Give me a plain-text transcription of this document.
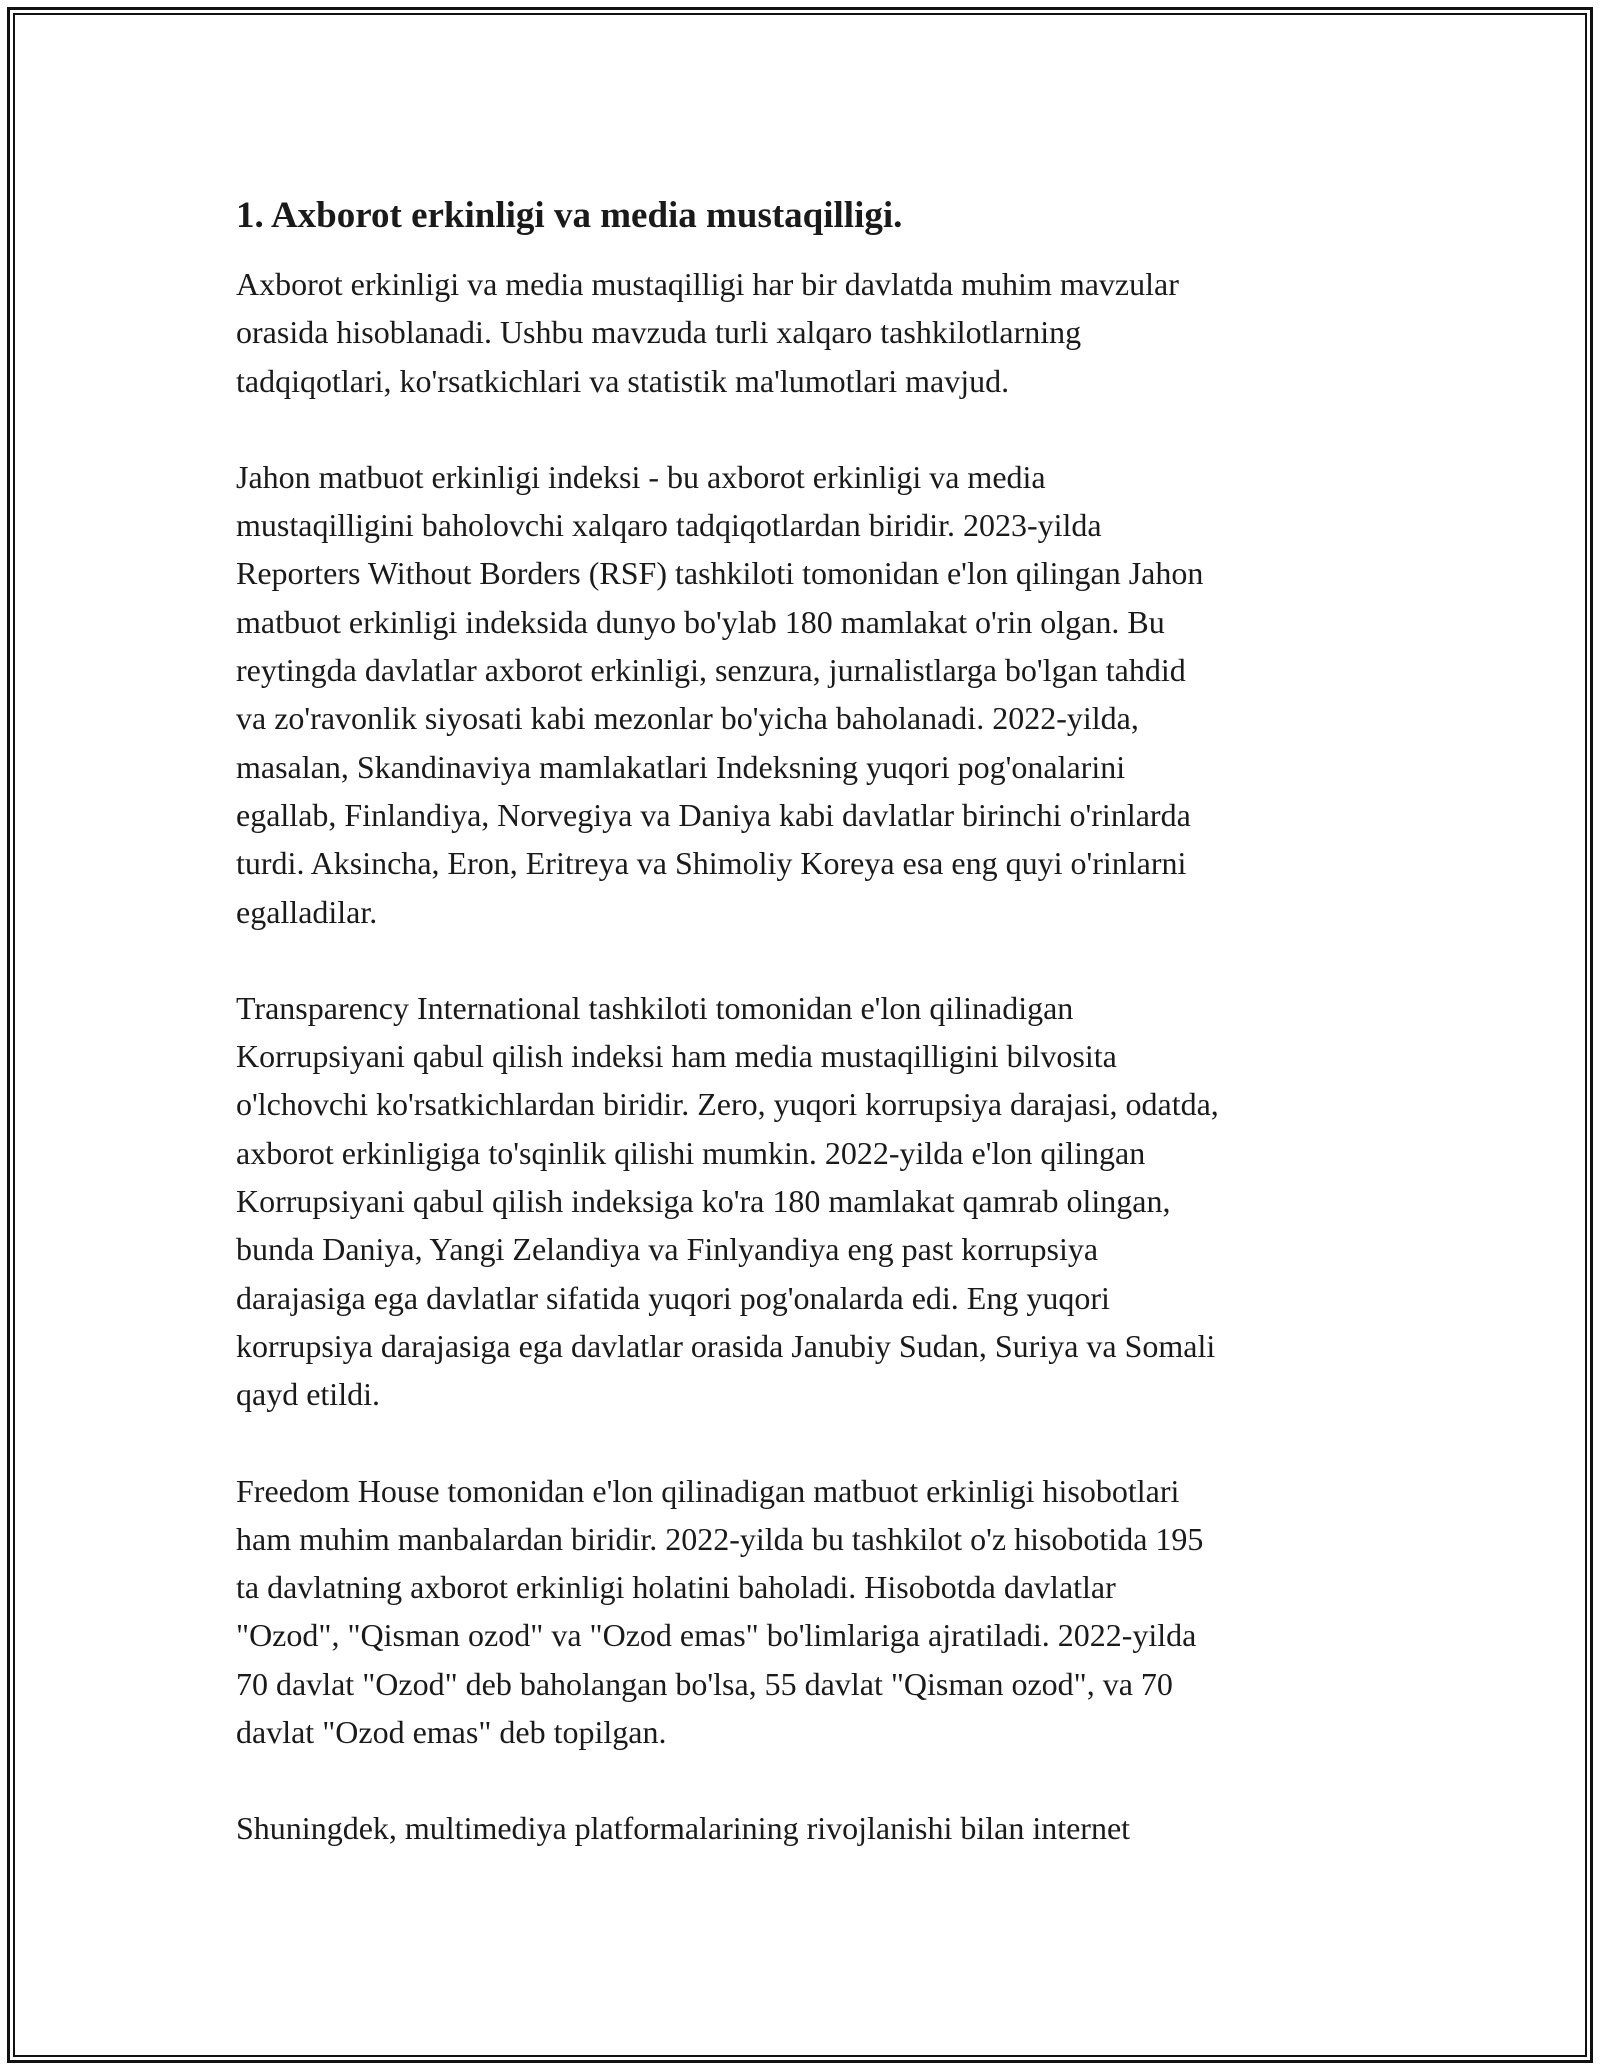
1. Axborot erkinligi va media mustaqilligi.

Axborot erkinligi va media mustaqilligi har bir davlatda muhim mavzular
orasida hisoblanadi. Ushbu mavzuda turli xalqaro tashkilotlarning
tadqiqotlari, ko'rsatkichlari va statistik ma'lumotlari mavjud.

Jahon matbuot erkinligi indeksi - bu axborot erkinligi va media
mustaqilligini baholovchi xalqaro tadqiqotlardan biridir. 2023-yilda
Reporters Without Borders (RSF) tashkiloti tomonidan e'lon qilingan Jahon
matbuot erkinligi indeksida dunyo bo'ylab 180 mamlakat o'rin olgan. Bu
reytingda davlatlar axborot erkinligi, senzura, jurnalistlarga bo'lgan tahdid
va zo'ravonlik siyosati kabi mezonlar bo'yicha baholanadi. 2022-yilda,
masalan, Skandinaviya mamlakatlari Indeksning yuqori pog'onalarini
egallab, Finlandiya, Norvegiya va Daniya kabi davlatlar birinchi o'rinlarda
turdi. Aksincha, Eron, Eritreya va Shimoliy Koreya esa eng quyi o'rinlarni
egalladilar.

Transparency International tashkiloti tomonidan e'lon qilinadigan
Korrupsiyani qabul qilish indeksi ham media mustaqilligini bilvosita
o'lchovchi ko'rsatkichlardan biridir. Zero, yuqori korrupsiya darajasi, odatda,
axborot erkinligiga to'sqinlik qilishi mumkin. 2022-yilda e'lon qilingan
Korrupsiyani qabul qilish indeksiga ko'ra 180 mamlakat qamrab olingan,
bunda Daniya, Yangi Zelandiya va Finlyandiya eng past korrupsiya
darajasiga ega davlatlar sifatida yuqori pog'onalarda edi. Eng yuqori
korrupsiya darajasiga ega davlatlar orasida Janubiy Sudan, Suriya va Somali
qayd etildi.

Freedom House tomonidan e'lon qilinadigan matbuot erkinligi hisobotlari
ham muhim manbalardan biridir. 2022-yilda bu tashkilot o'z hisobotida 195
ta davlatning axborot erkinligi holatini baholadi. Hisobotda davlatlar
"Ozod", "Qisman ozod" va "Ozod emas" bo'limlariga ajratiladi. 2022-yilda
70 davlat "Ozod" deb baholangan bo'lsa, 55 davlat "Qisman ozod", va 70
davlat "Ozod emas" deb topilgan.

Shuningdek, multimediya platformalarining rivojlanishi bilan internet
